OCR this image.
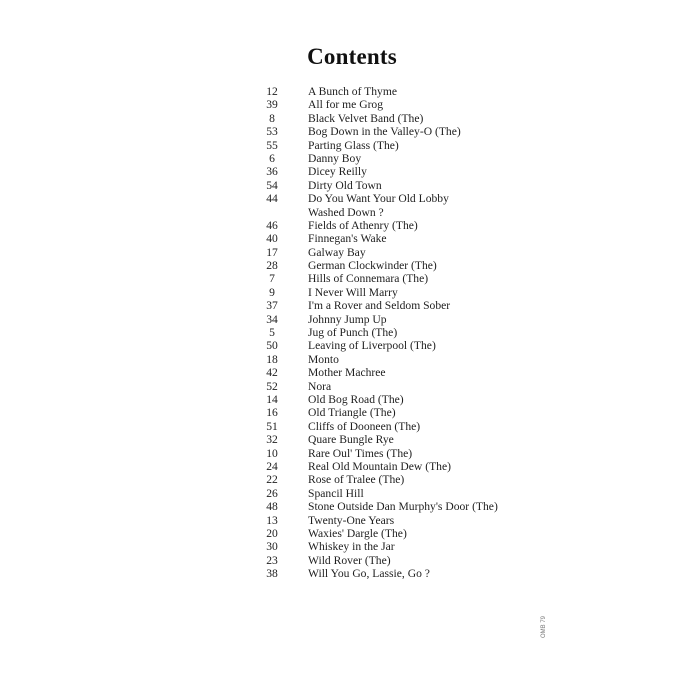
Contents
12	A Bunch of Thyme
39	All for me Grog
8	Black Velvet Band (The)
53	Bog Down in the Valley-O (The)
55	Parting Glass (The)
6	Danny Boy
36	Dicey Reilly
54	Dirty Old Town
44	Do You Want Your Old Lobby
Washed Down ?
46	Fields of Athenry (The)
40	Finnegan's Wake
17	Galway Bay
28	German Clockwinder (The)
7	Hills of Connemara (The)
9	I Never Will Marry
37	I'm a Rover and Seldom Sober
34	Johnny Jump Up
5	Jug of Punch (The)
50	Leaving of Liverpool (The)
18	Monto
42	Mother Machree
52	Nora
14	Old Bog Road (The)
16	Old Triangle (The)
51	Cliffs of Dooneen (The)
32	Quare Bungle Rye
10	Rare Oul' Times (The)
24	Real Old Mountain Dew (The)
22	Rose of Tralee (The)
26	Spancil Hill
48	Stone Outside Dan Murphy's Door (The)
13	Twenty-One Years
20	Waxies' Dargle (The)
30	Whiskey in the Jar
23	Wild Rover (The)
38	Will You Go, Lassie, Go ?
OMB 79
